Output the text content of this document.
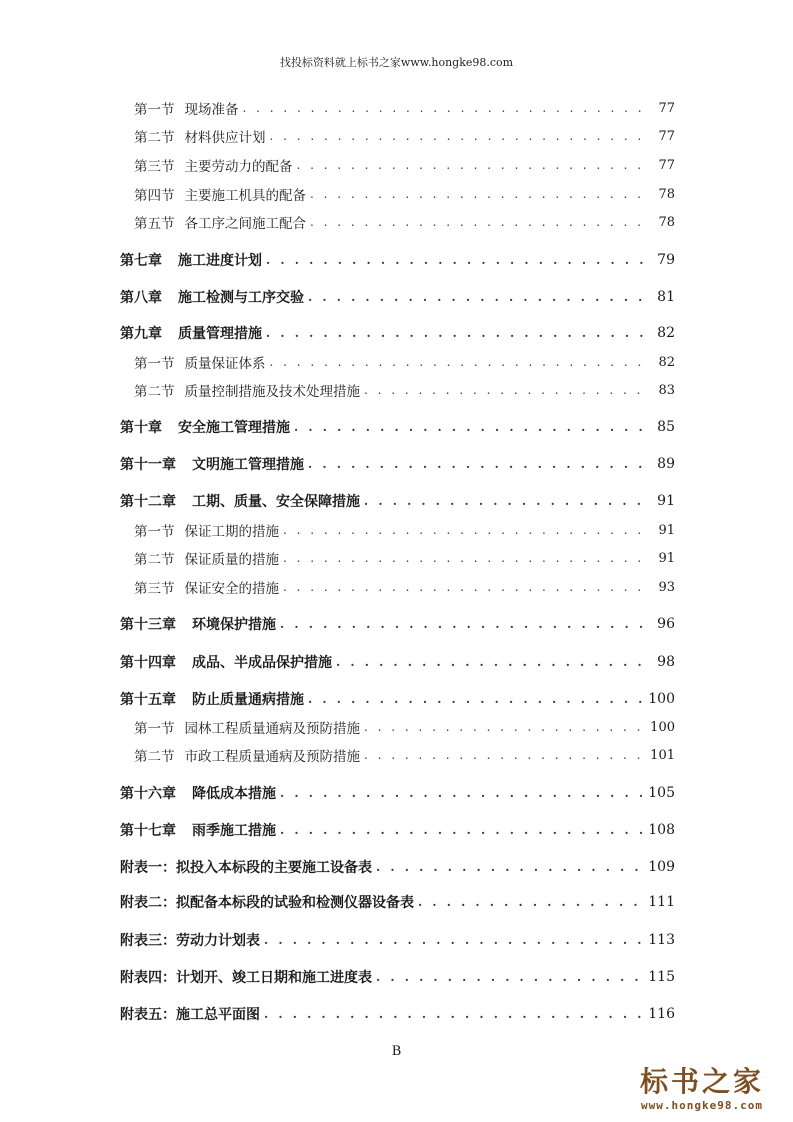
找投标资料就上标书之家www.hongke98.com
第一节 现场准备 . . .	77
第二节 材料供应计划 . . .	77
第三节 主要劳动力的配备 . . .	77
第四节 主要施工机具的配备 . . .	78
第五节 各工序之间施工配合 . . .	78
第七章 施工进度计划 . . .	79
第八章 施工检测与工序交验 . . .	81
第九章 质量管理措施 . . .	82
第一节 质量保证体系 . . .	82
第二节 质量控制措施及技术处理措施 . . .	83
第十章 安全施工管理措施 . . .	85
第十一章 文明施工管理措施 . . .	89
第十二章 工期、质量、安全保障措施 . . .	91
第一节 保证工期的措施 . . .	91
第二节 保证质量的措施 . . .	91
第三节 保证安全的措施 . . .	93
第十三章 环境保护措施 . . .	96
第十四章 成品、半成品保护措施 . . .	98
第十五章 防止质量通病措施 . . .	100
第一节 园林工程质量通病及预防措施 . . .	100
第二节 市政工程质量通病及预防措施 . . .	101
第十六章 降低成本措施 . . .	105
第十七章 雨季施工措施 . . .	108
附表一：拟投入本标段的主要施工设备表 . . .	109
附表二：拟配备本标段的试验和检测仪器设备表 . . .	111
附表三：劳动力计划表 . . .	113
附表四：计划开、竣工日期和施工进度表 . . .	115
附表五：施工总平面图 . . .	116
B
标书之家
www.hongke98.com
